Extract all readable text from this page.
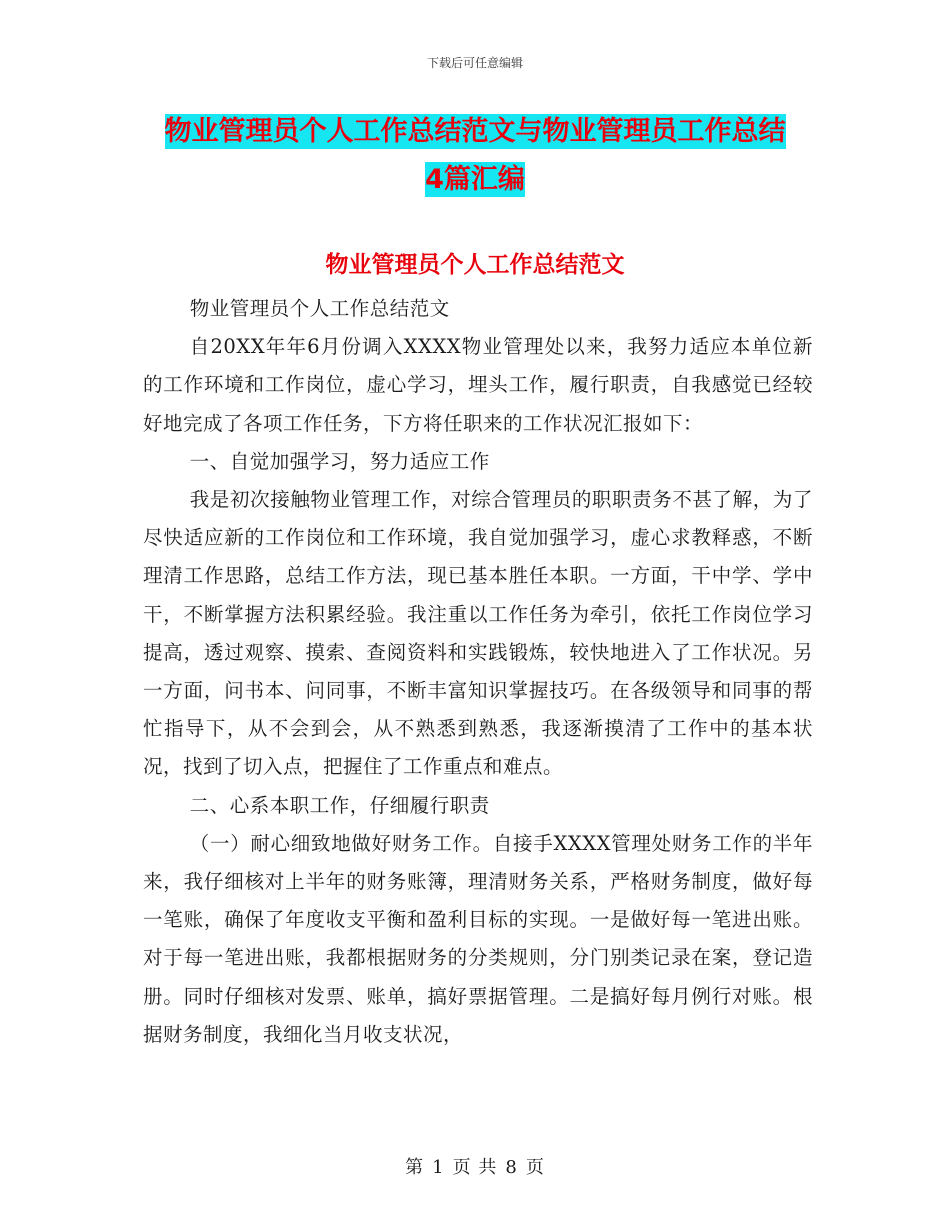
下载后可任意编辑
物业管理员个人工作总结范文与物业管理员工作总结
4篇汇编
物业管理员个人工作总结范文

物业管理员个人工作总结范文

自20XX年年6月份调入XXXX物业管理处以来，我努力适应本单位新的工作环境和工作岗位，虚心学习，埋头工作，履行职责，自我感觉已经较好地完成了各项工作任务，下方将任职来的工作状况汇报如下：

一、自觉加强学习，努力适应工作

我是初次接触物业管理工作，对综合管理员的职职责务不甚了解，为了尽快适应新的工作岗位和工作环境，我自觉加强学习，虚心求教释惑，不断理清工作思路，总结工作方法，现已基本胜任本职。一方面，干中学、学中干，不断掌握方法积累经验。我注重以工作任务为牵引，依托工作岗位学习提高，透过观察、摸索、查阅资料和实践锻炼，较快地进入了工作状况。另一方面，问书本、问同事，不断丰富知识掌握技巧。在各级领导和同事的帮忙指导下，从不会到会，从不熟悉到熟悉，我逐渐摸清了工作中的基本状况，找到了切入点，把握住了工作重点和难点。

二、心系本职工作，仔细履行职责

（一）耐心细致地做好财务工作。自接手XXXX管理处财务工作的半年来，我仔细核对上半年的财务账簿，理清财务关系，严格财务制度，做好每一笔账，确保了年度收支平衡和盈利目标的实现。一是做好每一笔进出账。对于每一笔进出账，我都根据财务的分类规则，分门别类记录在案，登记造册。同时仔细核对发票、账单，搞好票据管理。二是搞好每月例行对账。根据财务制度，我细化当月收支状况，

第 1 页 共 8 页
